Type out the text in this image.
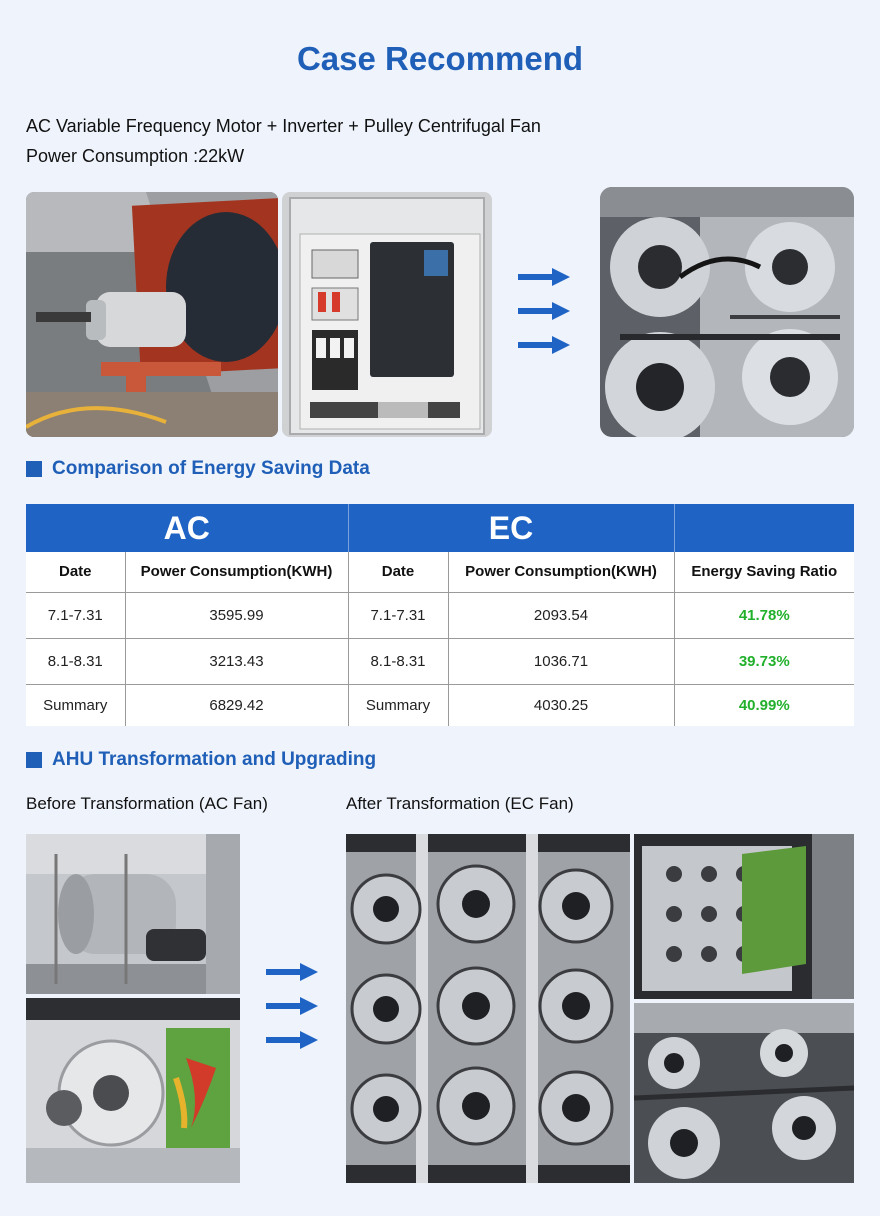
Case Recommend
AC Variable Frequency Motor + Inverter + Pulley Centrifugal Fan
Power Consumption :22kW
Comparison of Energy Saving Data
AC		EC		
Date	Power Consumption(KWH)	Date	Power Consumption(KWH)	Energy Saving Ratio
7.1-7.31	3595.99	7.1-7.31	2093.54	41.78%
8.1-8.31	3213.43	8.1-8.31	1036.71	39.73%
Summary	6829.42	Summary	4030.25	40.99%
AHU Transformation and Upgrading
Before Transformation (AC Fan)	After Transformation (EC Fan)
